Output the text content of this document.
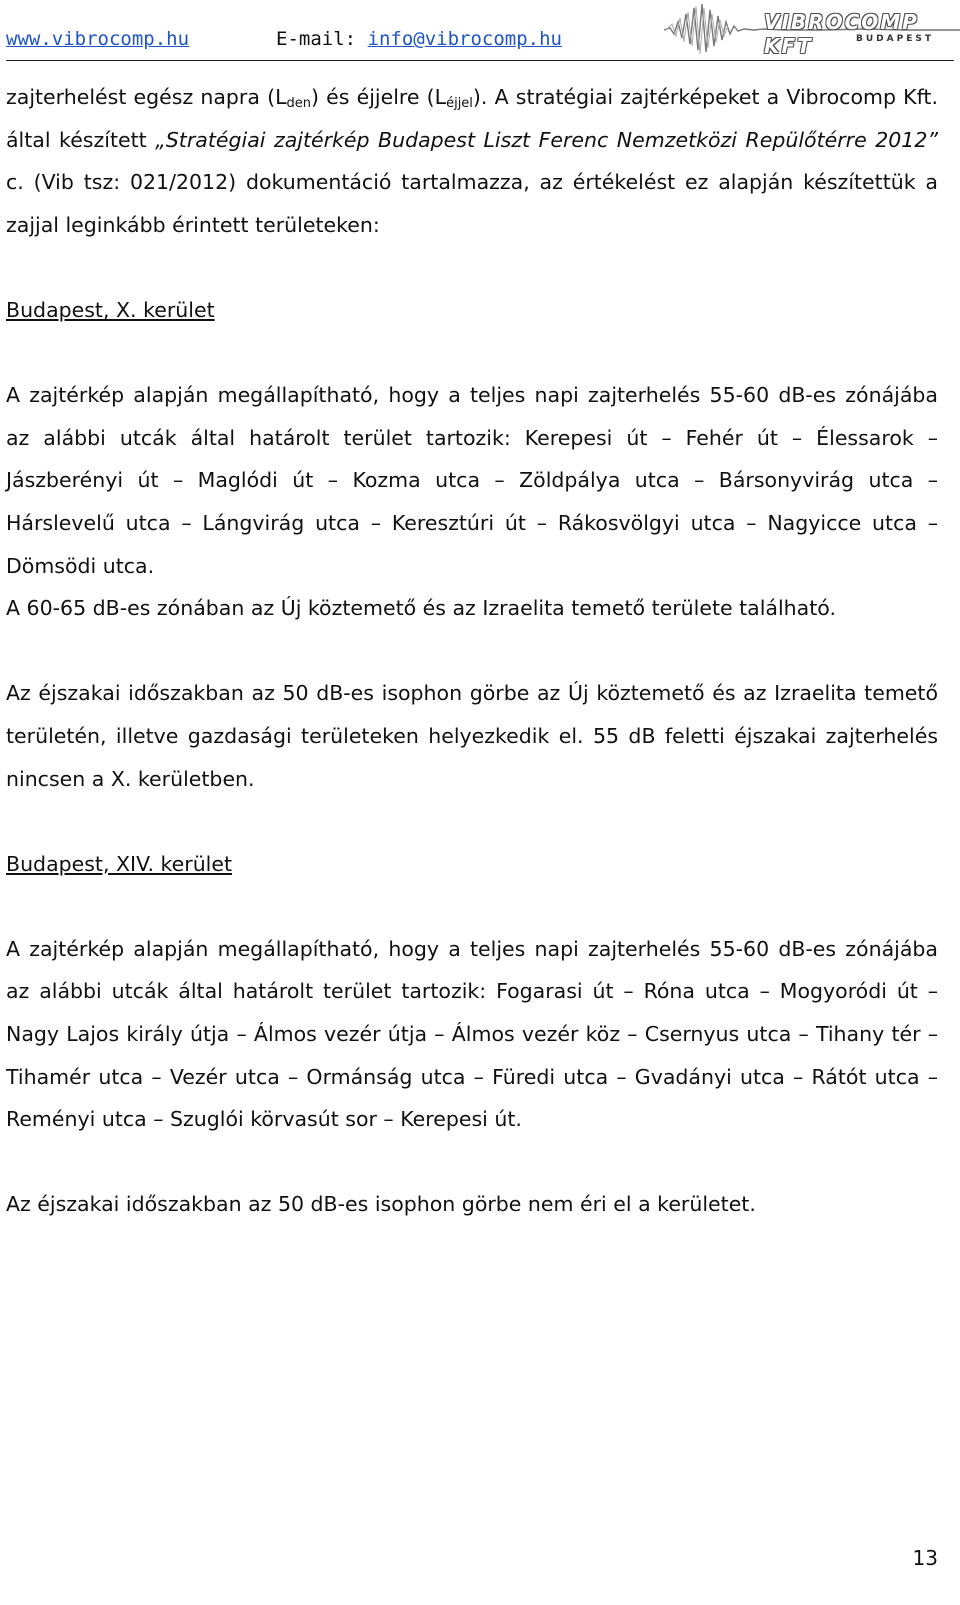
www.vibrocomp.hu	E-mail: info@vibrocomp.hu
VIBROCOMP KFT	BUDAPEST

zajterhelést egész napra $(L_{den})$ és éjjelre $(L_{éjjel})$. A stratégiai zajtérképeket a Vibrocomp Kft. által készített „Stratégiai zajtérkép Budapest Liszt Ferenc Nemzetközi Repülőtérre 2012” c. (Vib tsz: 021/2012) dokumentáció tartalmazza, az értékelést ez alapján készítettük a zajjal leginkább érintett területeken:

Budapest, X. kerület

A zajtérkép alapján megállapítható, hogy a teljes napi zajterhelés 55-60 dB-es zónájába az alábbi utcák által határolt terület tartozik: Kerepesi út – Fehér út – Élessarok – Jászberényi út – Maglódi út – Kozma utca – Zöldpálya utca – Bársonyvirág utca – Hárslevelű utca – Lángvirág utca – Keresztúri út – Rákosvölgyi utca – Nagyicce utca – Dömsödi utca.

A 60-65 dB-es zónában az Új köztemető és az Izraelita temető területe található.

Az éjszakai időszakban az 50 dB-es isophon görbe az Új köztemető és az Izraelita temető területén, illetve gazdasági területeken helyezkedik el. 55 dB feletti éjszakai zajterhelés nincsen a X. kerületben.

Budapest, XIV. kerület

A zajtérkép alapján megállapítható, hogy a teljes napi zajterhelés 55-60 dB-es zónájába az alábbi utcák által határolt terület tartozik: Fogarasi út – Róna utca – Mogyoródi út – Nagy Lajos király útja – Álmos vezér útja – Álmos vezér köz – Csernyus utca – Tihany tér – Tihamér utca – Vezér utca – Ormánság utca – Füredi utca – Gvadányi utca – Rátót utca – Reményi utca – Szuglói körvasút sor – Kerepesi út.

Az éjszakai időszakban az 50 dB-es isophon görbe nem éri el a kerületet.

13
